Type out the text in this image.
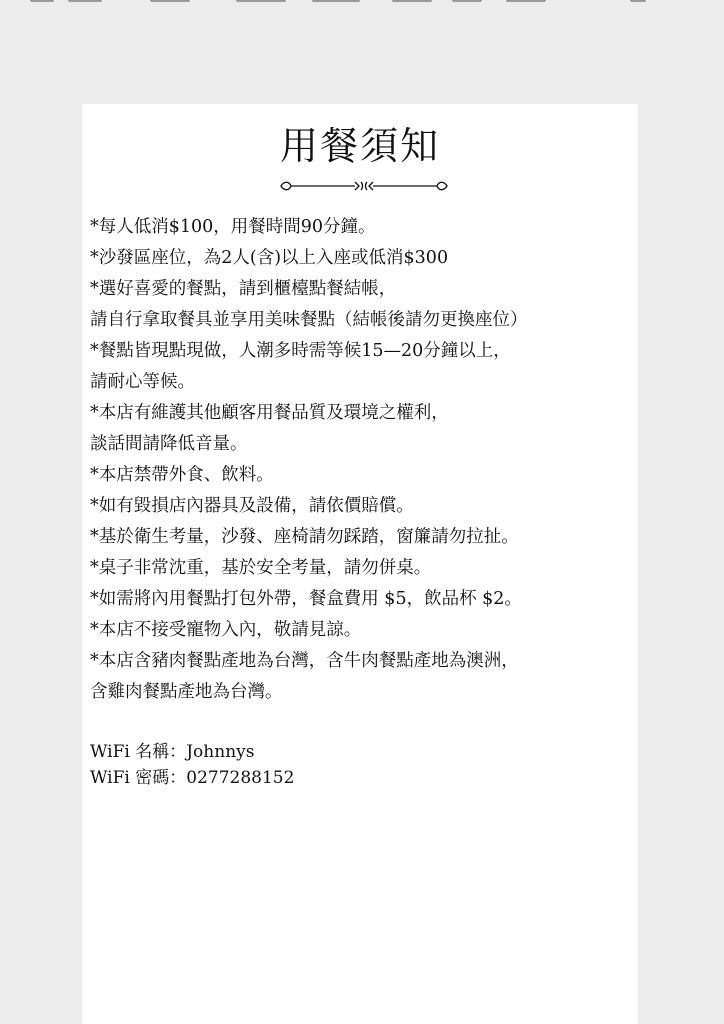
用餐須知
*每人低消$100，用餐時間90分鐘。
*沙發區座位，為2人(含)以上入座或低消$300
*選好喜愛的餐點，請到櫃檯點餐結帳，
請自行拿取餐具並享用美味餐點（結帳後請勿更換座位）
*餐點皆現點現做，人潮多時需等候15—20分鐘以上，
請耐心等候。
*本店有維護其他顧客用餐品質及環境之權利，
談話間請降低音量。
*本店禁帶外食、飲料。
*如有毀損店內器具及設備，請依價賠償。
*基於衛生考量，沙發、座椅請勿踩踏，窗簾請勿拉扯。
*桌子非常沈重，基於安全考量，請勿併桌。
*如需將內用餐點打包外帶，餐盒費用 $5，飲品杯 $2。
*本店不接受寵物入內，敬請見諒。
*本店含豬肉餐點產地為台灣，含牛肉餐點產地為澳洲，
含雞肉餐點產地為台灣。
WiFi 名稱：Johnnys
WiFi 密碼：0277288152
